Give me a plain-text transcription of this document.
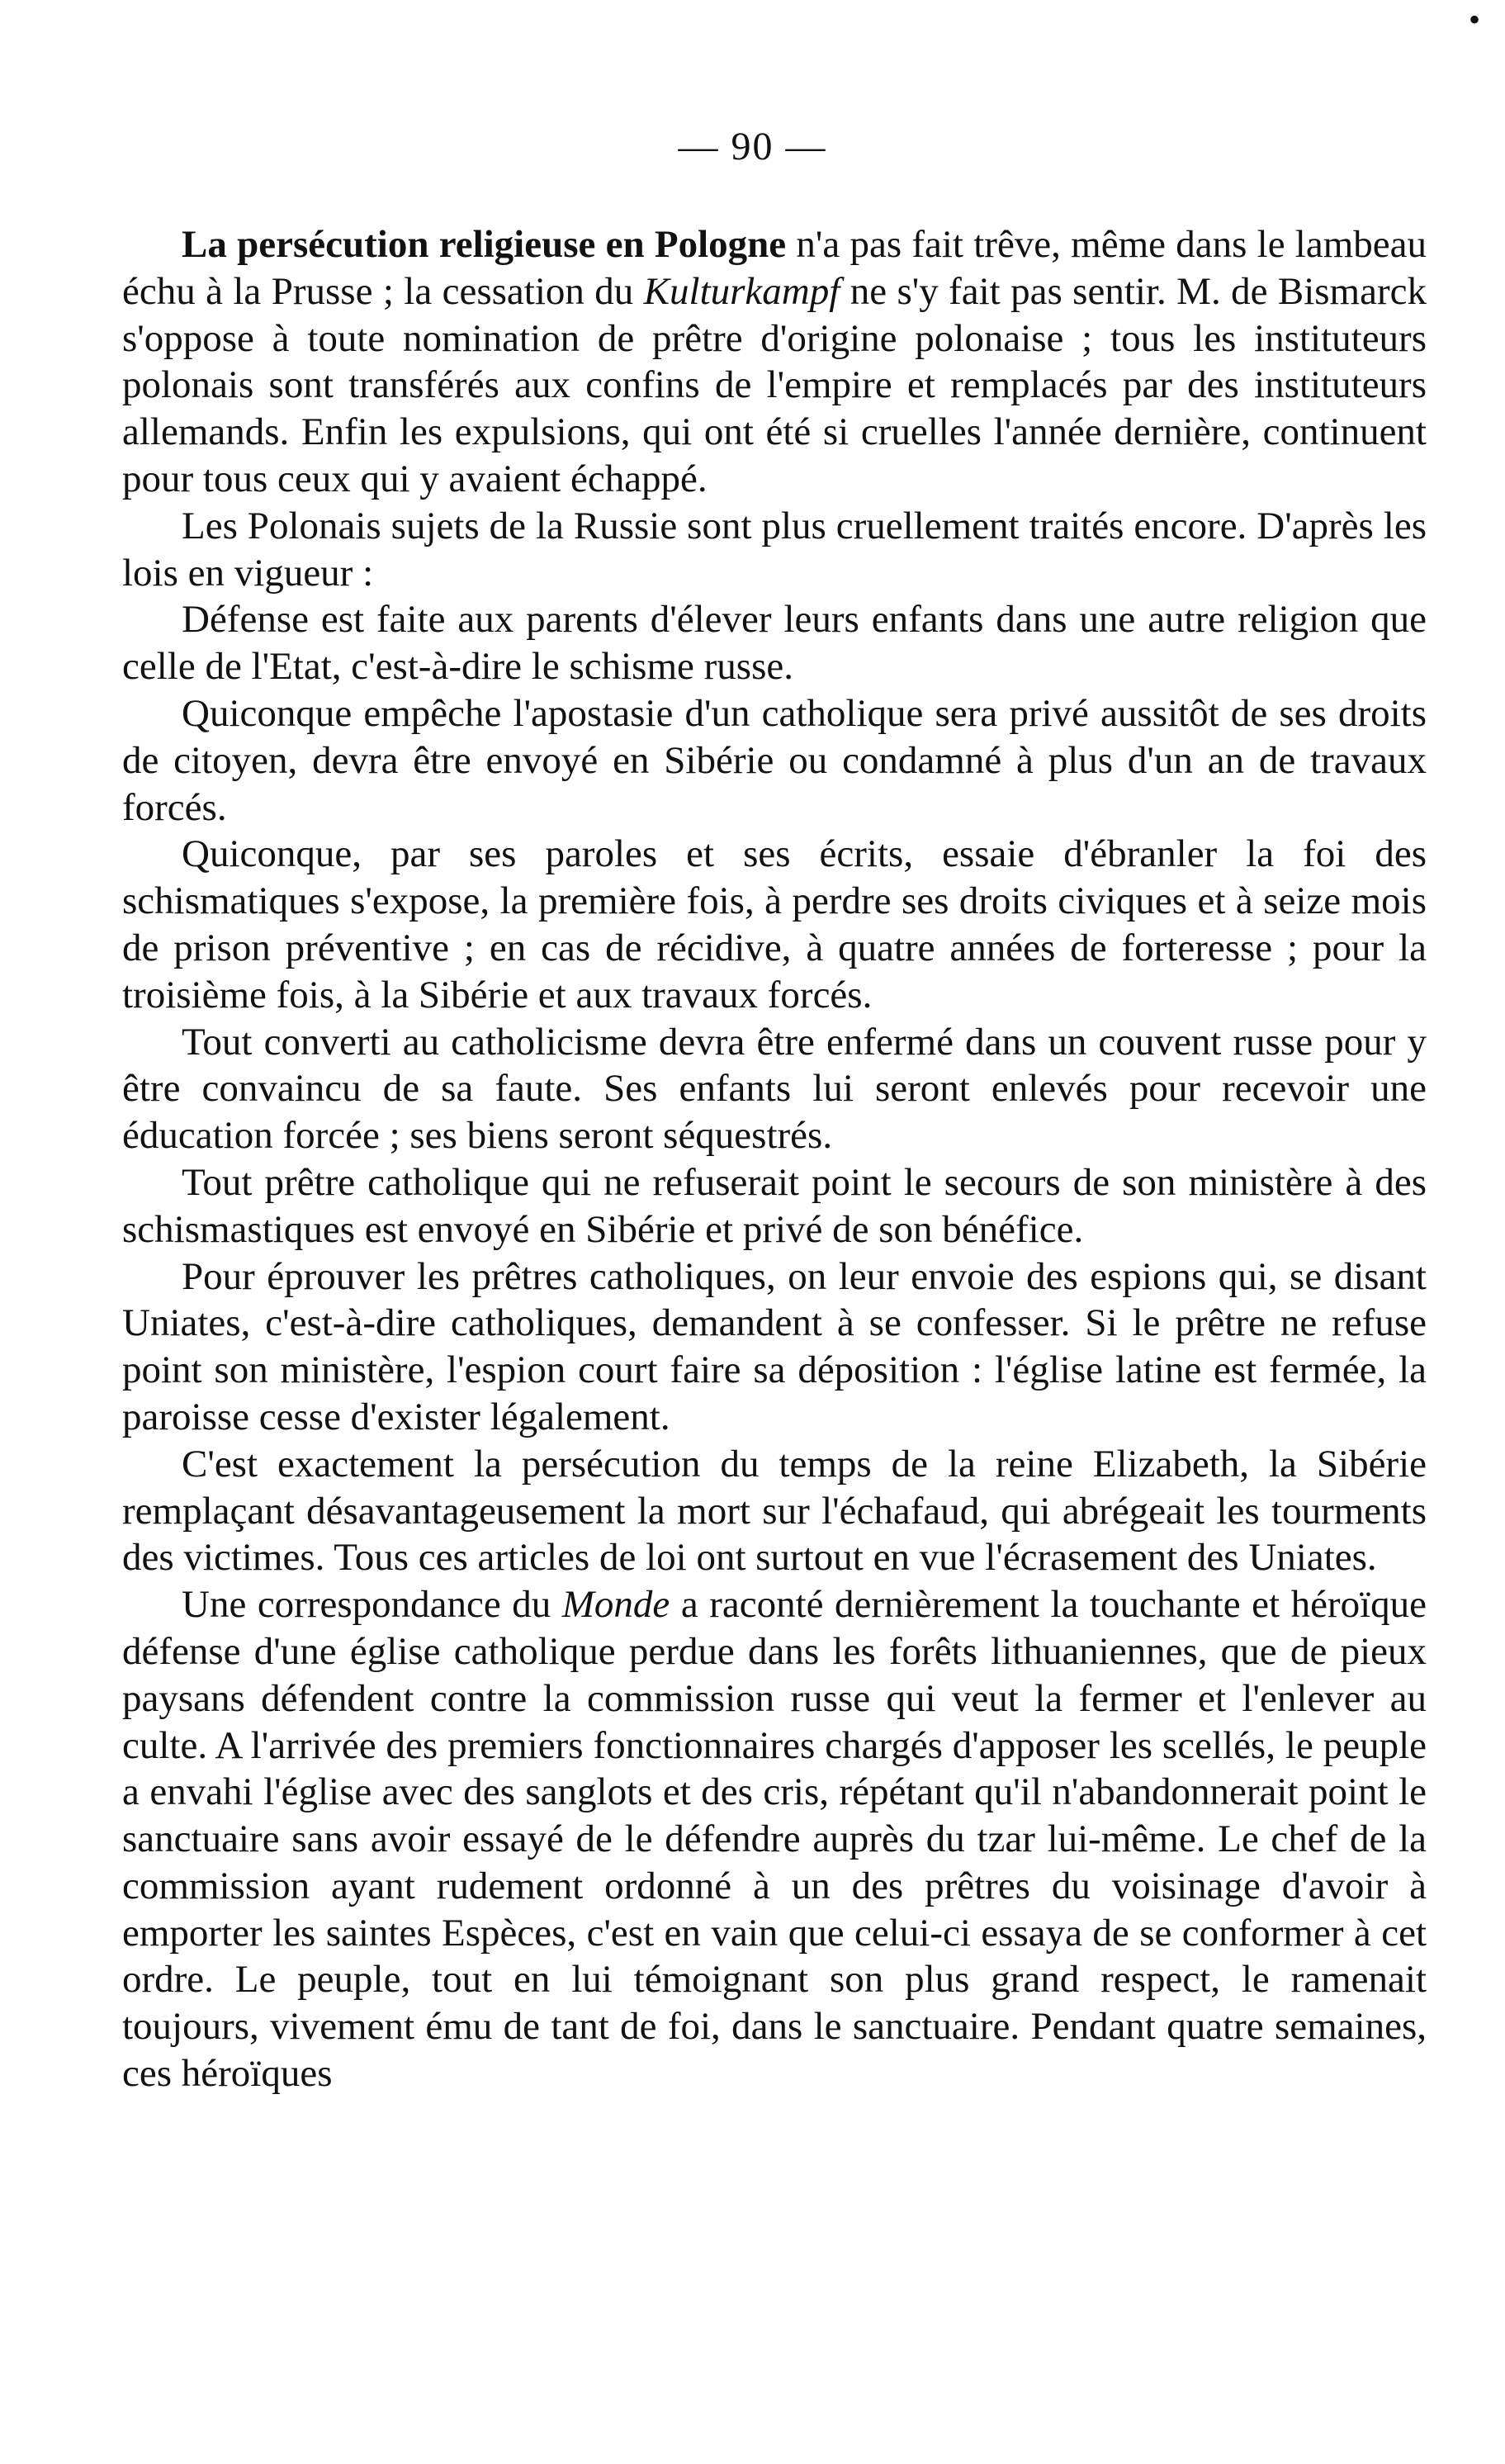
•
— 90 —

La persécution religieuse en Pologne n'a pas fait trêve, même dans le lambeau échu à la Prusse ; la cessation du Kulturkampf ne s'y fait pas sentir. M. de Bismarck s'oppose à toute nomination de prêtre d'origine polonaise ; tous les instituteurs polonais sont transférés aux confins de l'empire et remplacés par des instituteurs allemands. Enfin les expulsions, qui ont été si cruelles l'année dernière, continuent pour tous ceux qui y avaient échappé.

Les Polonais sujets de la Russie sont plus cruellement traités encore. D'après les lois en vigueur :

Défense est faite aux parents d'élever leurs enfants dans une autre religion que celle de l'Etat, c'est-à-dire le schisme russe.

Quiconque empêche l'apostasie d'un catholique sera privé aussitôt de ses droits de citoyen, devra être envoyé en Sibérie ou condamné à plus d'un an de travaux forcés.

Quiconque, par ses paroles et ses écrits, essaie d'ébranler la foi des schismatiques s'expose, la première fois, à perdre ses droits civiques et à seize mois de prison préventive ; en cas de récidive, à quatre années de forteresse ; pour la troisième fois, à la Sibérie et aux travaux forcés.

Tout converti au catholicisme devra être enfermé dans un couvent russe pour y être convaincu de sa faute. Ses enfants lui seront enlevés pour recevoir une éducation forcée ; ses biens seront séquestrés.

Tout prêtre catholique qui ne refuserait point le secours de son ministère à des schismastiques est envoyé en Sibérie et privé de son bénéfice.

Pour éprouver les prêtres catholiques, on leur envoie des espions qui, se disant Uniates, c'est-à-dire catholiques, demandent à se confesser. Si le prêtre ne refuse point son ministère, l'espion court faire sa déposition : l'église latine est fermée, la paroisse cesse d'exister légalement.

C'est exactement la persécution du temps de la reine Elizabeth, la Sibérie remplaçant désavantageusement la mort sur l'échafaud, qui abrégeait les tourments des victimes. Tous ces articles de loi ont surtout en vue l'écrasement des Uniates.

Une correspondance du Monde a raconté dernièrement la touchante et héroïque défense d'une église catholique perdue dans les forêts lithuaniennes, que de pieux paysans défendent contre la commission russe qui veut la fermer et l'enlever au culte. A l'arrivée des premiers fonctionnaires chargés d'apposer les scellés, le peuple a envahi l'église avec des sanglots et des cris, répétant qu'il n'abandonnerait point le sanctuaire sans avoir essayé de le défendre auprès du tzar lui-même. Le chef de la commission ayant rudement ordonné à un des prêtres du voisinage d'avoir à emporter les saintes Espèces, c'est en vain que celui-ci essaya de se conformer à cet ordre. Le peuple, tout en lui témoignant son plus grand respect, le ramenait toujours, vivement ému de tant de foi, dans le sanctuaire. Pendant quatre semaines, ces héroïques
